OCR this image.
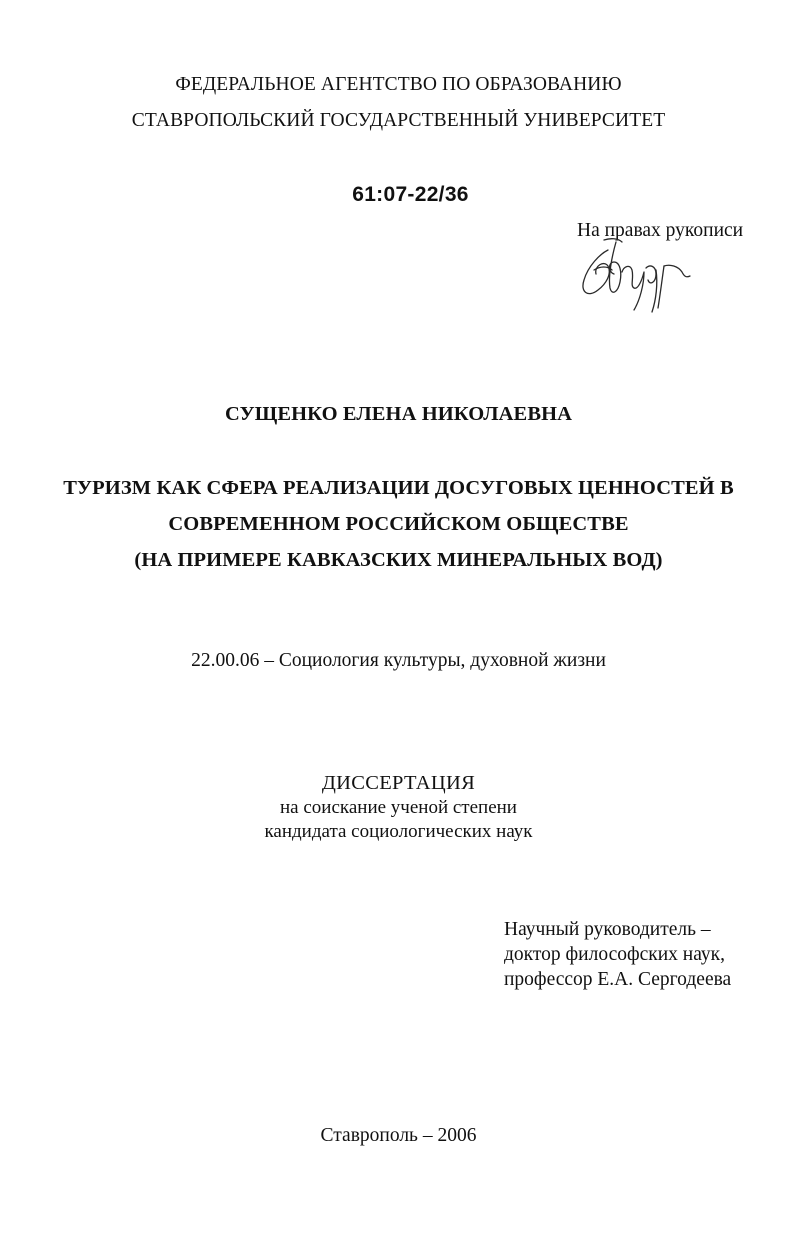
ФЕДЕРАЛЬНОЕ АГЕНТСТВО ПО ОБРАЗОВАНИЮ
СТАВРОПОЛЬСКИЙ ГОСУДАРСТВЕННЫЙ УНИВЕРСИТЕТ
61:07-22/36
На правах рукописи
СУЩЕНКО ЕЛЕНА НИКОЛАЕВНА
ТУРИЗМ КАК СФЕРА РЕАЛИЗАЦИИ ДОСУГОВЫХ ЦЕННОСТЕЙ В
СОВРЕМЕННОМ РОССИЙСКОМ ОБЩЕСТВЕ
(НА ПРИМЕРЕ КАВКАЗСКИХ МИНЕРАЛЬНЫХ ВОД)
22.00.06 – Социология культуры, духовной жизни
ДИССЕРТАЦИЯ
на соискание ученой степени
кандидата социологических наук
Научный руководитель –
доктор философских наук,
профессор Е.А. Сергодеева
Ставрополь – 2006
